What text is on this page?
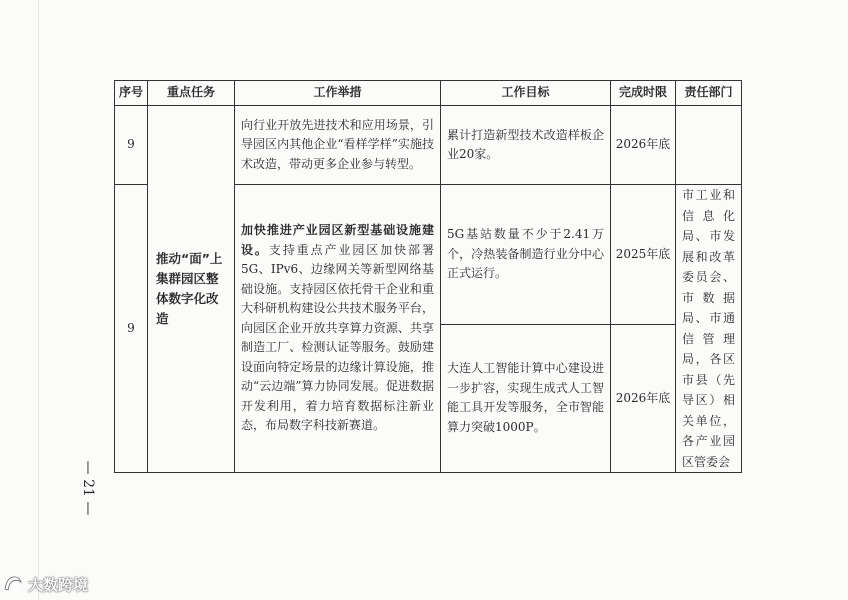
序号	重点任务	工作举措	工作目标	完成时限	责任部门
9	推动“面”上集群园区整体数字化改造	向行业开放先进技术和应用场景，引导园区内其他企业“看样学样”实施技术改造，带动更多企业参与转型。	累计打造新型技术改造样板企业20家。	2026年底	
9		加快推进产业园区新型基础设施建设。支持重点产业园区加快部署5G、IPv6、边缘网关等新型网络基础设施。支持园区依托骨干企业和重大科研机构建设公共技术服务平台，向园区企业开放共享算力资源、共享制造工厂、检测认证等服务。鼓励建设面向特定场景的边缘计算设施，推动“云边端”算力协同发展。促进数据开发利用，着力培育数据标注新业态，布局数字科技新赛道。	5G基站数量不少于2.41万个，冷热装备制造行业分中心正式运行。	2025年底	市工业和信息化局、市发展和改革委员会、市数据局、市通信管理局，各区市县（先导区）相关单位，各产业园区管委会
			大连人工智能计算中心建设进一步扩容，实现生成式人工智能工具开发等服务，全市智能算力突破1000P。	2026年底	
— 21 —
大数跨境
